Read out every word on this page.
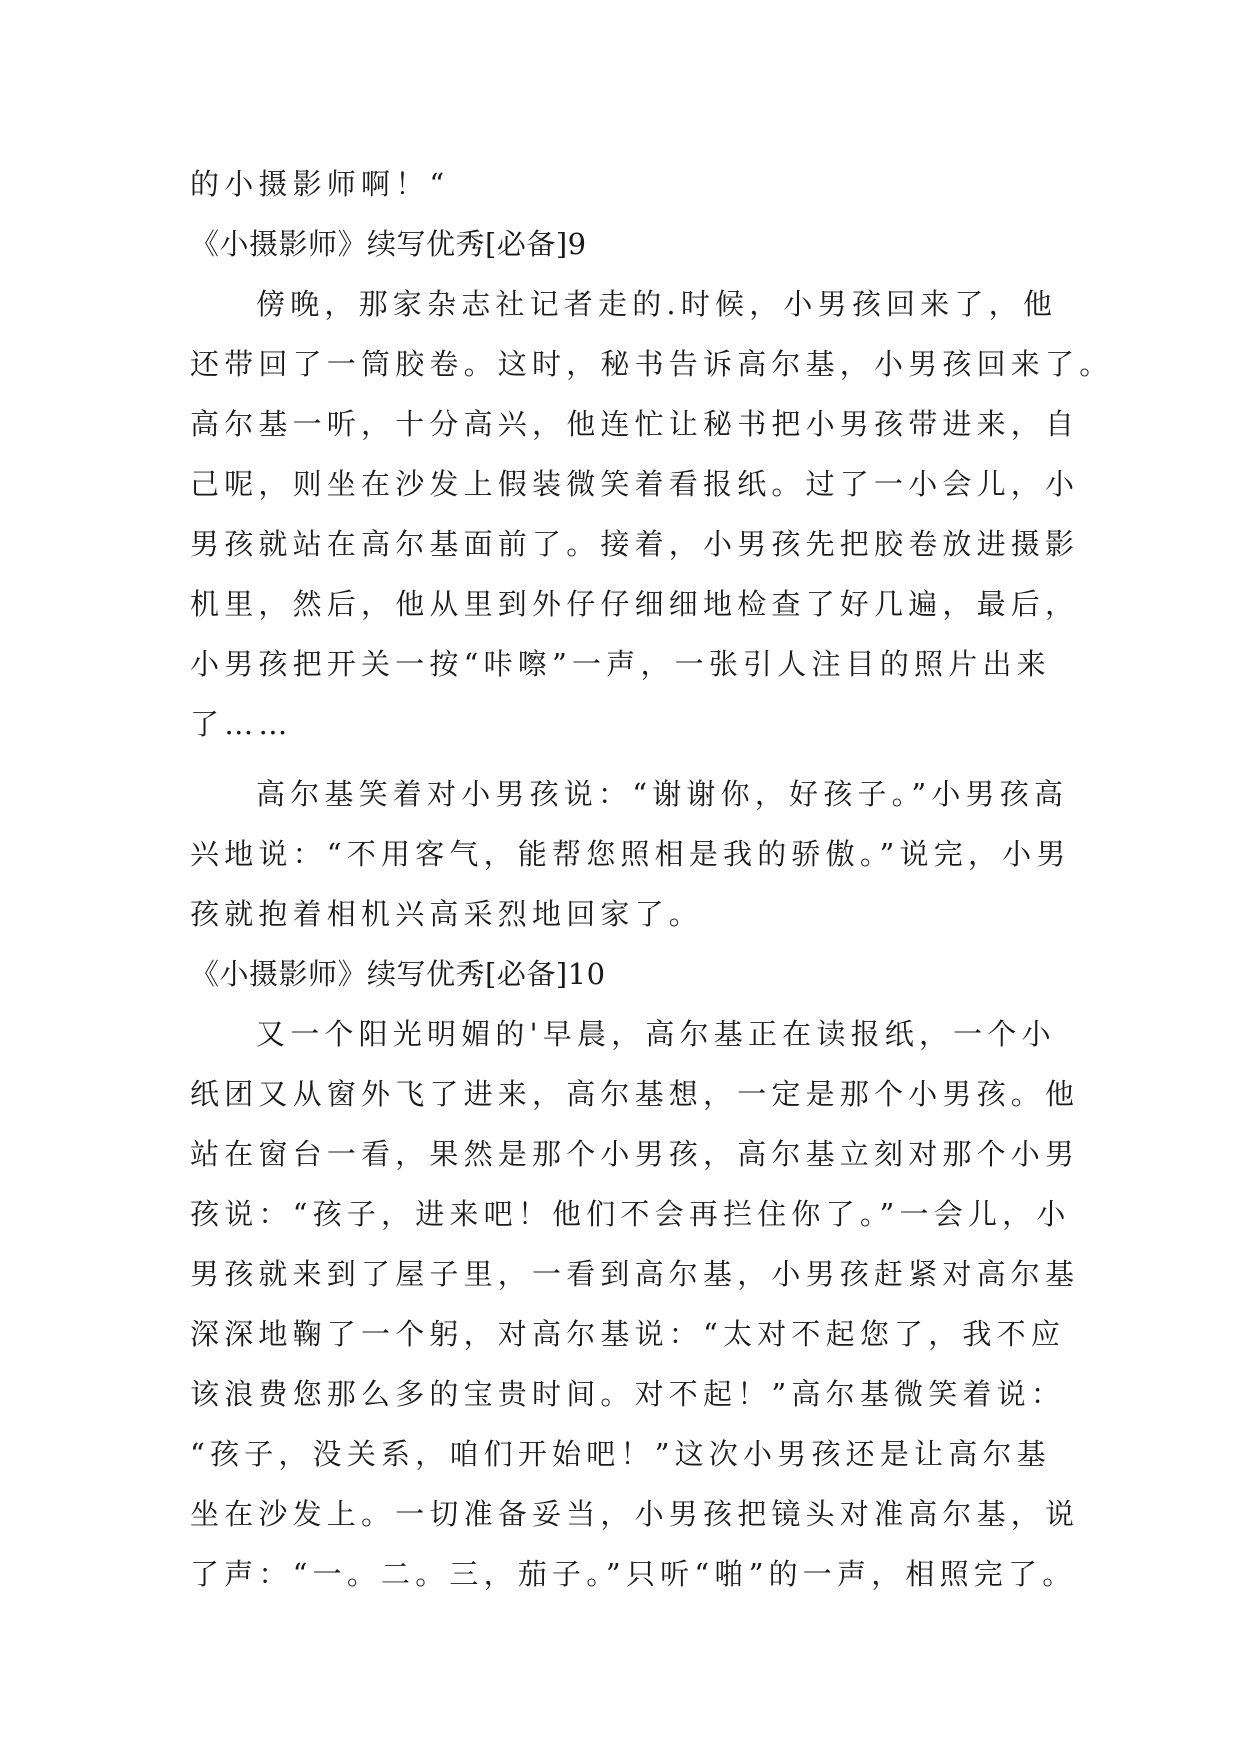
的小摄影师啊！“
《小摄影师》续写优秀[必备]9
傍晚，那家杂志社记者走的.时候，小男孩回来了，他
还带回了一筒胶卷。这时，秘书告诉高尔基，小男孩回来了。
高尔基一听，十分高兴，他连忙让秘书把小男孩带进来，自
己呢，则坐在沙发上假装微笑着看报纸。过了一小会儿，小
男孩就站在高尔基面前了。接着，小男孩先把胶卷放进摄影
机里，然后，他从里到外仔仔细细地检查了好几遍，最后，
小男孩把开关一按“咔嚓”一声，一张引人注目的照片出来
了……
高尔基笑着对小男孩说：“谢谢你，好孩子。”小男孩高
兴地说：“不用客气，能帮您照相是我的骄傲。”说完，小男
孩就抱着相机兴高采烈地回家了。
《小摄影师》续写优秀[必备]10
又一个阳光明媚的'早晨，高尔基正在读报纸，一个小
纸团又从窗外飞了进来，高尔基想，一定是那个小男孩。他
站在窗台一看，果然是那个小男孩，高尔基立刻对那个小男
孩说：“孩子，进来吧！他们不会再拦住你了。”一会儿，小
男孩就来到了屋子里，一看到高尔基，小男孩赶紧对高尔基
深深地鞠了一个躬，对高尔基说：“太对不起您了，我不应
该浪费您那么多的宝贵时间。对不起！”高尔基微笑着说：
“孩子，没关系，咱们开始吧！”这次小男孩还是让高尔基
坐在沙发上。一切准备妥当，小男孩把镜头对准高尔基，说
了声：“一。二。三，茄子。”只听“啪”的一声，相照完了。
